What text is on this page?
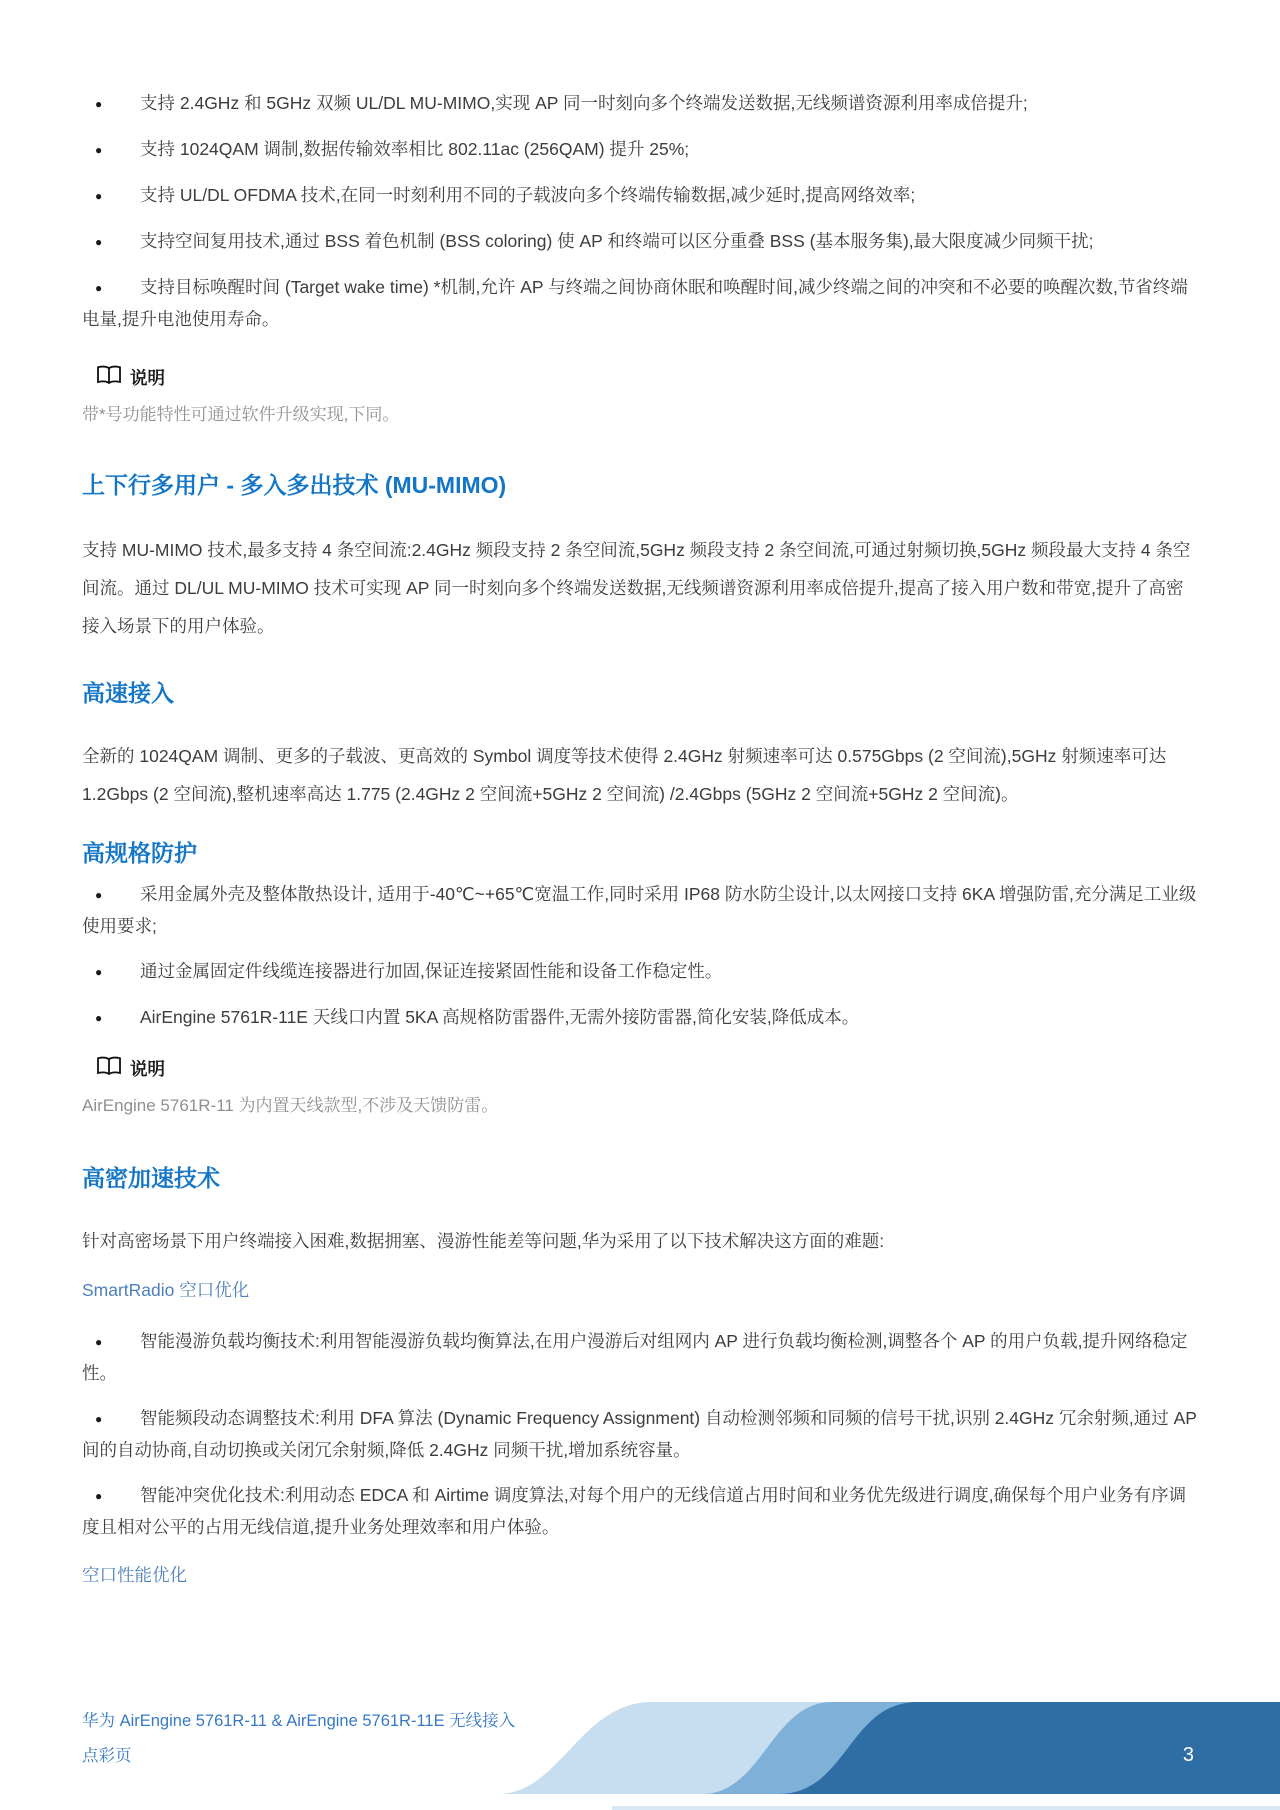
● 支持 2.4GHz 和 5GHz 双频 UL/DL MU-MIMO,实现 AP 同一时刻向多个终端发送数据,无线频谱资源利用率成倍提升;
● 支持 1024QAM 调制,数据传输效率相比 802.11ac (256QAM) 提升 25%;
● 支持 UL/DL OFDMA 技术,在同一时刻利用不同的子载波向多个终端传输数据,减少延时,提高网络效率;
● 支持空间复用技术,通过 BSS 着色机制 (BSS coloring) 使 AP 和终端可以区分重叠 BSS (基本服务集),最大限度减少同频干扰;
● 支持目标唤醒时间 (Target wake time) *机制,允许 AP 与终端之间协商休眠和唤醒时间,减少终端之间的冲突和不必要的唤醒次数,节省终端电量,提升电池使用寿命。
说明
带*号功能特性可通过软件升级实现,下同。
上下行多用户 - 多入多出技术 (MU-MIMO)

支持 MU-MIMO 技术,最多支持 4 条空间流:2.4GHz 频段支持 2 条空间流,5GHz 频段支持 2 条空间流,可通过射频切换,5GHz 频段最大支持 4 条空间流。通过 DL/UL MU-MIMO 技术可实现 AP 同一时刻向多个终端发送数据,无线频谱资源利用率成倍提升,提高了接入用户数和带宽,提升了高密接入场景下的用户体验。

高速接入

全新的 1024QAM 调制、更多的子载波、更高效的 Symbol 调度等技术使得 2.4GHz 射频速率可达 0.575Gbps (2 空间流),5GHz 射频速率可达 1.2Gbps (2 空间流),整机速率高达 1.775 (2.4GHz 2 空间流+5GHz 2 空间流) /2.4Gbps (5GHz 2 空间流+5GHz 2 空间流)。

高规格防护
● 采用金属外壳及整体散热设计, 适用于-40℃~+65℃宽温工作,同时采用 IP68 防水防尘设计,以太网接口支持 6KA 增强防雷,充分满足工业级使用要求;
● 通过金属固定件线缆连接器进行加固,保证连接紧固性能和设备工作稳定性。
● AirEngine 5761R-11E 天线口内置 5KA 高规格防雷器件,无需外接防雷器,简化安装,降低成本。
说明
AirEngine 5761R-11 为内置天线款型,不涉及天馈防雷。
高密加速技术

针对高密场景下用户终端接入困难,数据拥塞、漫游性能差等问题,华为采用了以下技术解决这方面的难题:

SmartRadio 空口优化

● 智能漫游负载均衡技术:利用智能漫游负载均衡算法,在用户漫游后对组网内 AP 进行负载均衡检测,调整各个 AP 的用户负载,提升网络稳定性。
● 智能频段动态调整技术:利用 DFA 算法 (Dynamic Frequency Assignment) 自动检测邻频和同频的信号干扰,识别 2.4GHz 冗余射频,通过 AP 间的自动协商,自动切换或关闭冗余射频,降低 2.4GHz 同频干扰,增加系统容量。
● 智能冲突优化技术:利用动态 EDCA 和 Airtime 调度算法,对每个用户的无线信道占用时间和业务优先级进行调度,确保每个用户业务有序调度且相对公平的占用无线信道,提升业务处理效率和用户体验。

空口性能优化

华为 AirEngine 5761R-11 & AirEngine 5761R-11E 无线接入
点彩页	3
